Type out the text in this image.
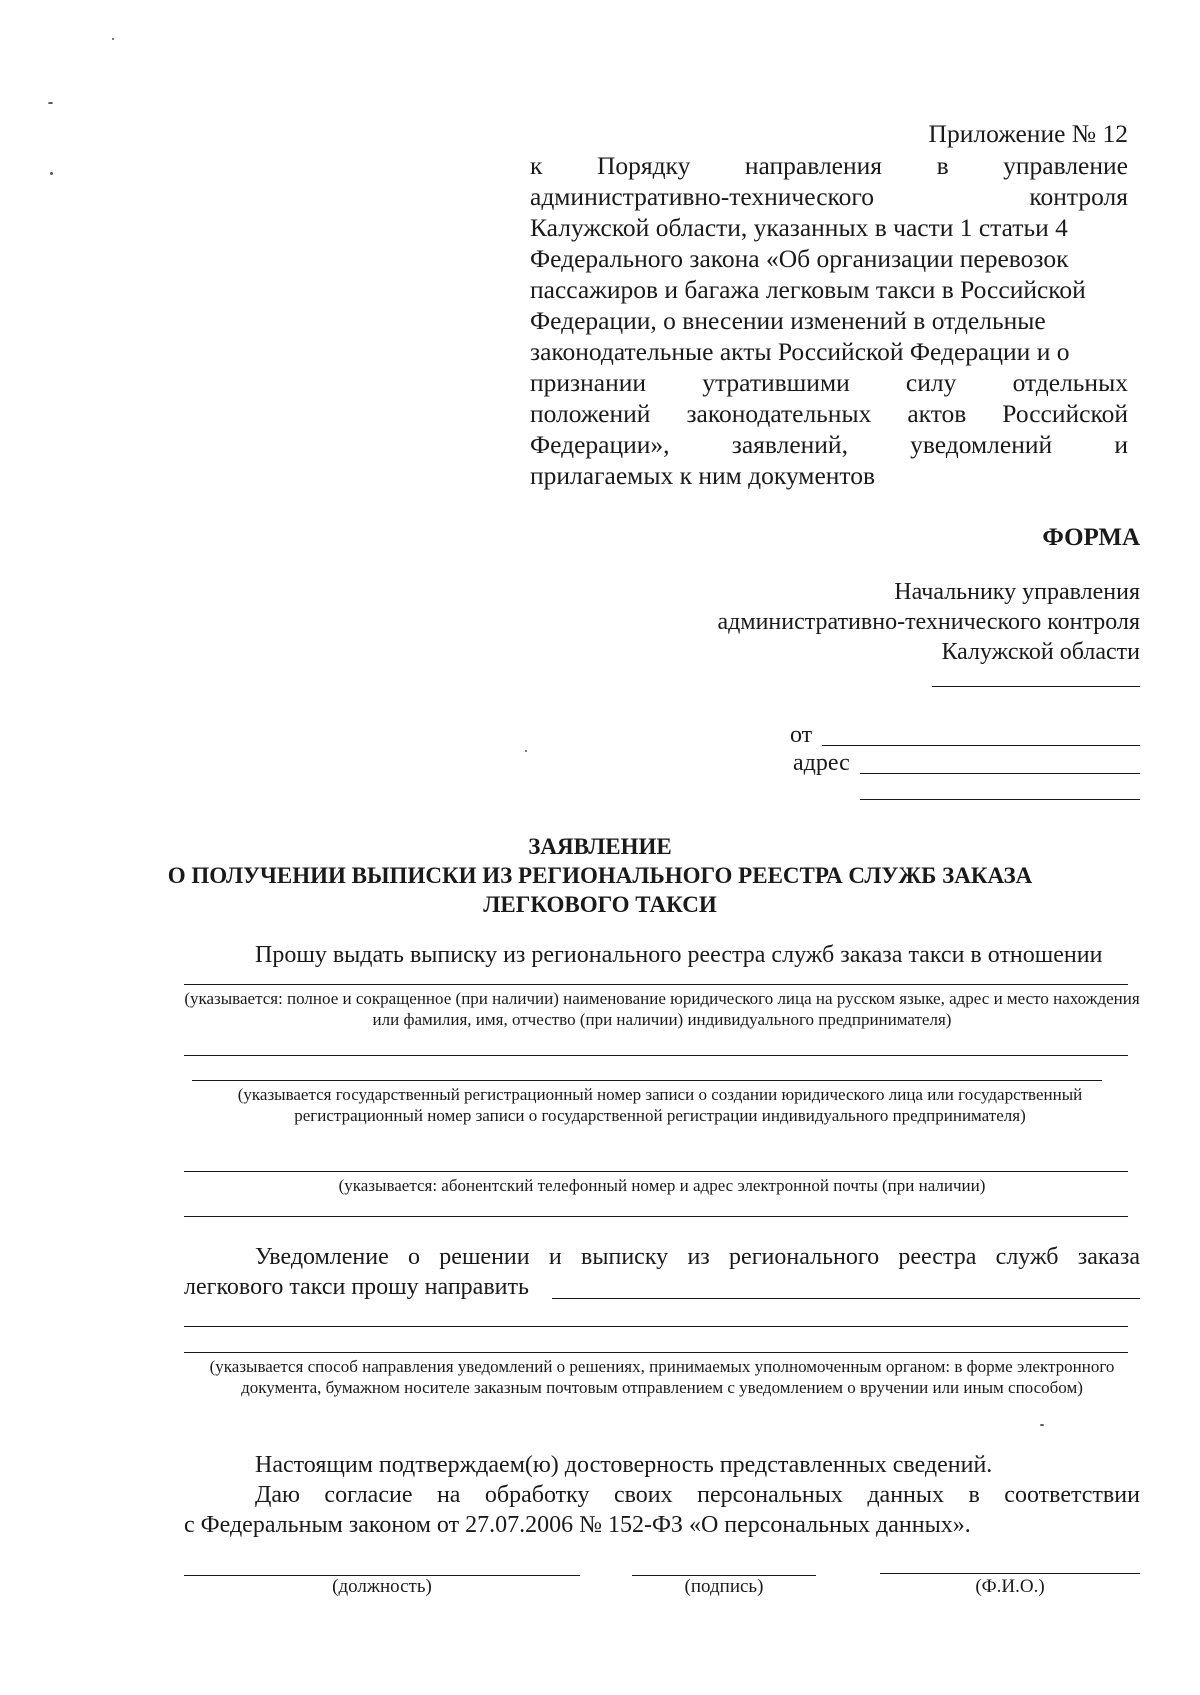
Приложение № 12
к Порядку направления в управление
административно-технического	контроля
Калужской области, указанных в части 1 статьи 4
Федерального закона «Об организации перевозок
пассажиров и багажа легковым такси в Российской
Федерации, о внесении изменений в отдельные
законодательные акты Российской Федерации и о
признании утратившими силу отдельных
положений законодательных актов Российской
Федерации», заявлений, уведомлений и
прилагаемых к ним документов
ФОРМА
Начальнику управления
административно-технического контроля
Калужской области
от
адрес
ЗАЯВЛЕНИЕ
О ПОЛУЧЕНИИ ВЫПИСКИ ИЗ РЕГИОНАЛЬНОГО РЕЕСТРА СЛУЖБ ЗАКАЗА
ЛЕГКОВОГО ТАКСИ
Прошу выдать выписку из регионального реестра служб заказа такси в отношении
(указывается: полное и сокращенное (при наличии) наименование юридического лица на русском языке, адрес и место нахождения или фамилия, имя, отчество (при наличии) индивидуального предпринимателя)
(указывается государственный регистрационный номер записи о создании юридического лица или государственный регистрационный номер записи о государственной регистрации индивидуального предпринимателя)
(указывается: абонентский телефонный номер и адрес электронной почты (при наличии)
Уведомление о решении и выписку из регионального реестра служб заказа
легкового такси прошу направить
(указывается способ направления уведомлений о решениях, принимаемых уполномоченным органом: в форме электронного документа, бумажном носителе заказным почтовым отправлением с уведомлением о вручении или иным способом)
Настоящим подтверждаем(ю) достоверность представленных сведений.
Даю согласие на обработку своих персональных данных в соответствии
с Федеральным законом от 27.07.2006 № 152-ФЗ «О персональных данных».
(должность)	(подпись)	(Ф.И.О.)
